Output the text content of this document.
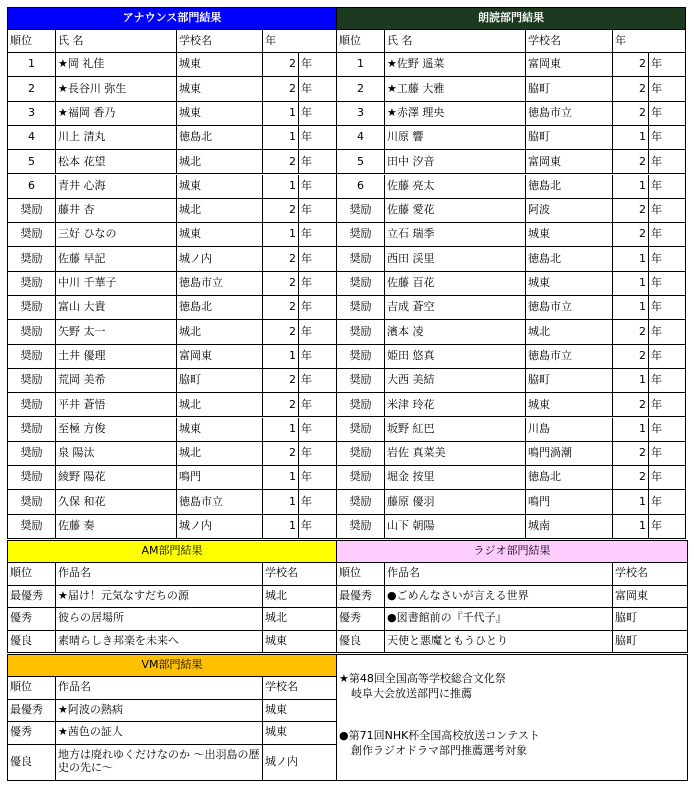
アナウンス部門結果
順位	氏 名	学校名	年
1	★岡 礼佳	城東	2 年
2	★長谷川 弥生	城東	2 年
3	★福岡 香乃	城東	1 年
4	川上 清丸	徳島北	1 年
5	松本 花望	城北	2 年
6	青井 心海	城東	1 年
奨励	藤井 杏	城北	2 年
奨励	三好 ひなの	城東	1 年
奨励	佐藤 早記	城ノ内	2 年
奨励	中川 千華子	徳島市立	2 年
奨励	富山 大貴	徳島北	2 年
奨励	矢野 太一	城北	2 年
奨励	土井 優理	富岡東	1 年
奨励	荒岡 美希	脇町	2 年
奨励	平井 蒼悟	城北	2 年
奨励	至極 方俊	城東	1 年
奨励	泉 陽汰	城北	2 年
奨励	綾野 陽花	鳴門	1 年
奨励	久保 和花	徳島市立	1 年
奨励	佐藤 奏	城ノ内	1 年
朗読部門結果
順位	氏 名	学校名	年
1	★佐野 遥菜	富岡東	2 年
2	★工藤 大雅	脇町	2 年
3	★赤澤 理央	徳島市立	2 年
4	川原 響	脇町	1 年
5	田中 汐音	富岡東	2 年
6	佐藤 亮太	徳島北	1 年
奨励	佐藤 愛花	阿波	2 年
奨励	立石 瑞季	城東	2 年
奨励	西田 渓里	徳島北	1 年
奨励	佐藤 百花	城東	1 年
奨励	吉成 蒼空	徳島市立	1 年
奨励	濱本 凌	城北	2 年
奨励	姫田 悠真	徳島市立	2 年
奨励	大西 美結	脇町	1 年
奨励	米津 玲花	城東	2 年
奨励	坂野 紅巴	川島	1 年
奨励	岩佐 真菜美	鳴門渦潮	2 年
奨励	堀金 按里	徳島北	2 年
奨励	藤原 優羽	鳴門	1 年
奨励	山下 朝陽	城南	1 年
AM部門結果
順位	作品名	学校名
最優秀	★届け！元気なすだちの源	城北
優秀	彼らの居場所	城北
優良	素晴らしき邦楽を未来へ	城東
ラジオ部門結果
順位	作品名	学校名
最優秀	●ごめんなさいが言える世界	富岡東
優秀	●図書館前の『千代子』	脇町
優良	天使と悪魔ともうひとり	脇町
VM部門結果
順位	作品名	学校名
最優秀	★阿波の熱病	城東
優秀	★茜色の証人	城東
優良	地方は廃れゆくだけなのか ～出羽島の歴史の先に～	城ノ内
★第48回全国高等学校総合文化祭
岐阜大会放送部門に推薦
●第71回NHK杯全国高校放送コンテスト
創作ラジオドラマ部門推薦選考対象
